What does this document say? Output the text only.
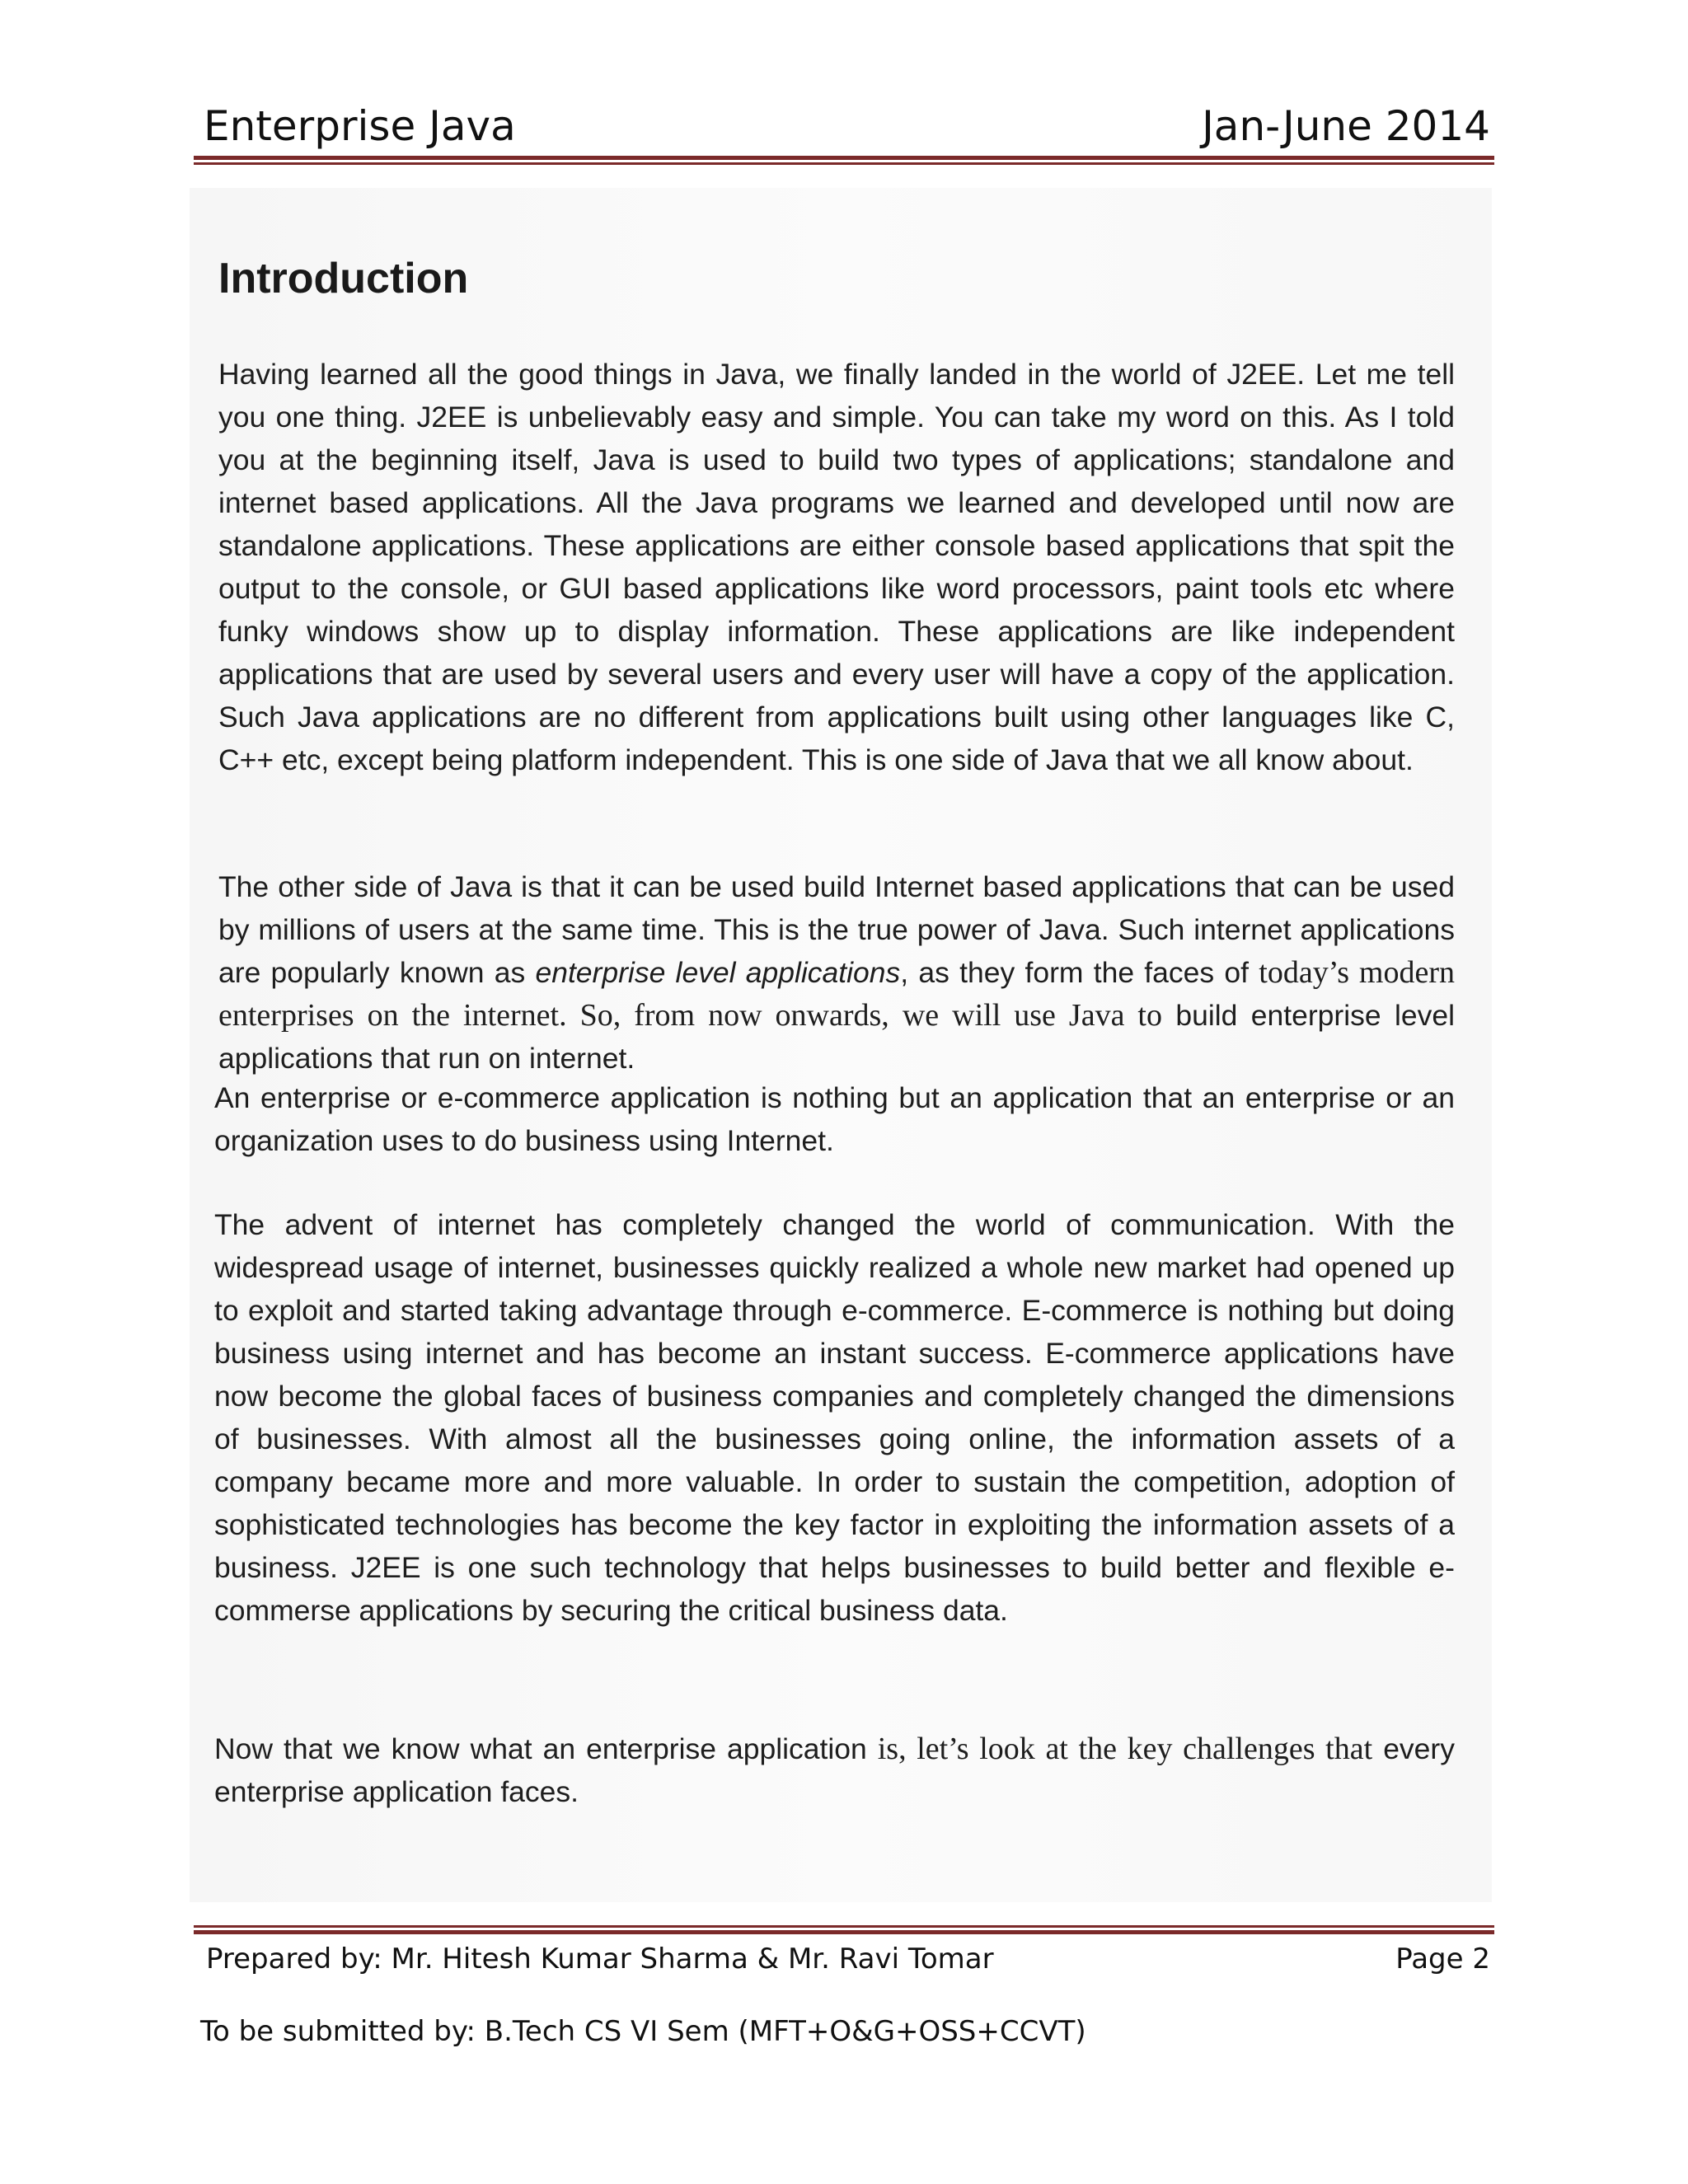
Enterprise Java	Jan-June 2014
Introduction

Having learned all the good things in Java, we finally landed in the world of J2EE. Let me tell you one thing. J2EE is unbelievably easy and simple. You can take my word on this. As I told you at the beginning itself, Java is used to build two types of applications; standalone and internet based applications. All the Java programs we learned and developed until now are standalone applications. These applications are either console based applications that spit the output to the console, or GUI based applications like word processors, paint tools etc where funky windows show up to display information. These applications are like independent applications that are used by several users and every user will have a copy of the application. Such Java applications are no different from applications built using other languages like C, C++ etc, except being platform independent. This is one side of Java that we all know about.

The other side of Java is that it can be used build Internet based applications that can be used by millions of users at the same time. This is the true power of Java. Such internet applications are popularly known as enterprise level applications, as they form the faces of today’s modern enterprises on the internet. So, from now onwards, we will use Java to build enterprise level applications that run on internet.

An enterprise or e-commerce application is nothing but an application that an enterprise or an organization uses to do business using Internet.

The advent of internet has completely changed the world of communication. With the widespread usage of internet, businesses quickly realized a whole new market had opened up to exploit and started taking advantage through e-commerce. E-commerce is nothing but doing business using internet and has become an instant success. E-commerce applications have now become the global faces of business companies and completely changed the dimensions of businesses. With almost all the businesses going online, the information assets of a company became more and more valuable. In order to sustain the competition, adoption of sophisticated technologies has become the key factor in exploiting the information assets of a business. J2EE is one such technology that helps businesses to build better and flexible e-commerse applications by securing the critical business data.

Now that we know what an enterprise application is, let’s look at the key challenges that every enterprise application faces.

Prepared by: Mr. Hitesh Kumar Sharma & Mr. Ravi Tomar	Page 2
To be submitted by: B.Tech CS VI Sem (MFT+O&G+OSS+CCVT)
